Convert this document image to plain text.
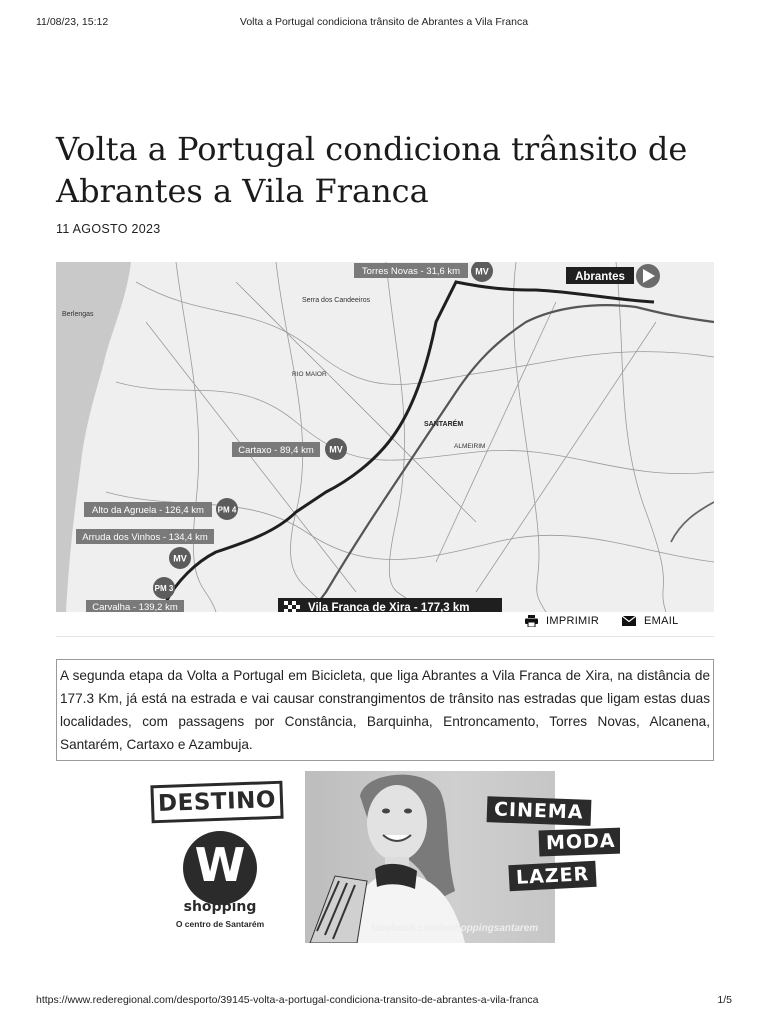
11/08/23, 15:12	Volta a Portugal condiciona trânsito de Abrantes a Vila Franca
Volta a Portugal condiciona trânsito de Abrantes a Vila Franca
11 AGOSTO 2023
Berlengas
SANTARÉM
Serra dos Candeeiros
ALMEIRIM
RIO MAIOR
Abrantes
Torres Novas - 31,6 km MV
Cartaxo - 89,4 km MV
Alto da Agruela - 126,4 km PM 4
Arruda dos Vinhos - 134,4 km
MV
PM 3
Carvalha - 139,2 km	Vila Franca de Xira - 177,3 km
IMPRIMIR	EMAIL

A segunda etapa da Volta a Portugal em Bicicleta, que liga Abrantes a Vila Franca de Xira, na distância de 177.3 Km, já está na estrada e vai causar constrangimentos de trânsito nas estradas que ligam estas duas localidades, com passagens por Constância, Barquinha, Entroncamento, Torres Novas, Alcanena, Santarém, Cartaxo e Azambuja.

DESTINO
W
shopping
O centro de Santarém
CINEMA
MODA
LAZER
facebook.com/wshoppingsantarem
https://www.rederegional.com/desporto/39145-volta-a-portugal-condiciona-transito-de-abrantes-a-vila-franca	1/5
